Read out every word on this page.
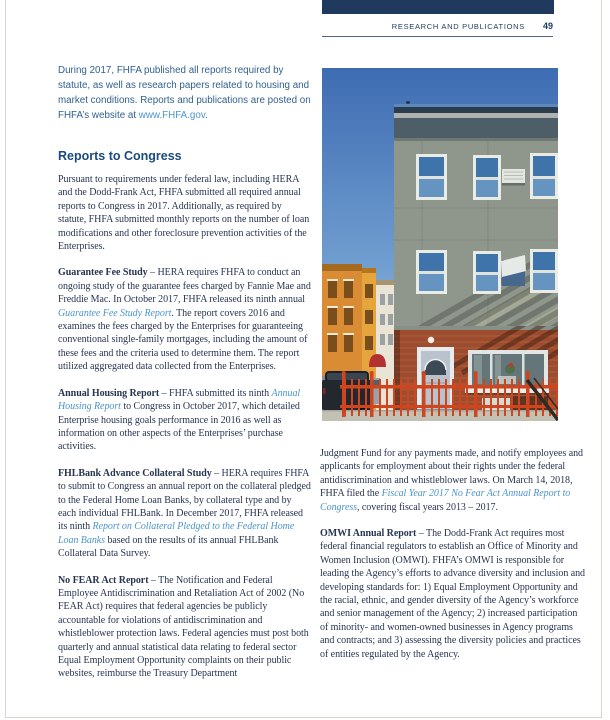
RESEARCH AND PUBLICATIONS 49

During 2017, FHFA published all reports required by statute, as well as research papers related to housing and market conditions. Reports and publications are posted on FHFA’s website at www.FHFA.gov.

Reports to Congress

Pursuant to requirements under federal law, including HERA and the Dodd-Frank Act, FHFA submitted all required annual reports to Congress in 2017. Additionally, as required by statute, FHFA submitted monthly reports on the number of loan modifications and other foreclosure prevention activities of the Enterprises.

Guarantee Fee Study – HERA requires FHFA to conduct an ongoing study of the guarantee fees charged by Fannie Mae and Freddie Mac. In October 2017, FHFA released its ninth annual Guarantee Fee Study Report. The report covers 2016 and examines the fees charged by the Enterprises for guaranteeing conventional single-family mortgages, including the amount of these fees and the criteria used to determine them. The report utilized aggregated data collected from the Enterprises.

Annual Housing Report – FHFA submitted its ninth Annual Housing Report to Congress in October 2017, which detailed Enterprise housing goals performance in 2016 as well as information on other aspects of the Enterprises’ purchase activities.

FHLBank Advance Collateral Study – HERA requires FHFA to submit to Congress an annual report on the collateral pledged to the Federal Home Loan Banks, by collateral type and by each individual FHLBank. In December 2017, FHFA released its ninth Report on Collateral Pledged to the Federal Home Loan Banks based on the results of its annual FHLBank Collateral Data Survey.

No FEAR Act Report – The Notification and Federal Employee Antidiscrimination and Retaliation Act of 2002 (No FEAR Act) requires that federal agencies be publicly accountable for violations of antidiscrimination and whistleblower protection laws. Federal agencies must post both quarterly and annual statistical data relating to federal sector Equal Employment Opportunity complaints on their public websites, reimburse the Treasury Department

Judgment Fund for any payments made, and notify employees and applicants for employment about their rights under the federal antidiscrimination and whistleblower laws. On March 14, 2018, FHFA filed the Fiscal Year 2017 No Fear Act Annual Report to Congress, covering fiscal years 2013 – 2017.

OMWI Annual Report – The Dodd-Frank Act requires most federal financial regulators to establish an Office of Minority and Women Inclusion (OMWI). FHFA’s OMWI is responsible for leading the Agency’s efforts to advance diversity and inclusion and developing standards for: 1) Equal Employment Opportunity and the racial, ethnic, and gender diversity of the Agency’s workforce and senior management of the Agency; 2) increased participation of minority- and women-owned businesses in Agency programs and contracts; and 3) assessing the diversity policies and practices of entities regulated by the Agency.
